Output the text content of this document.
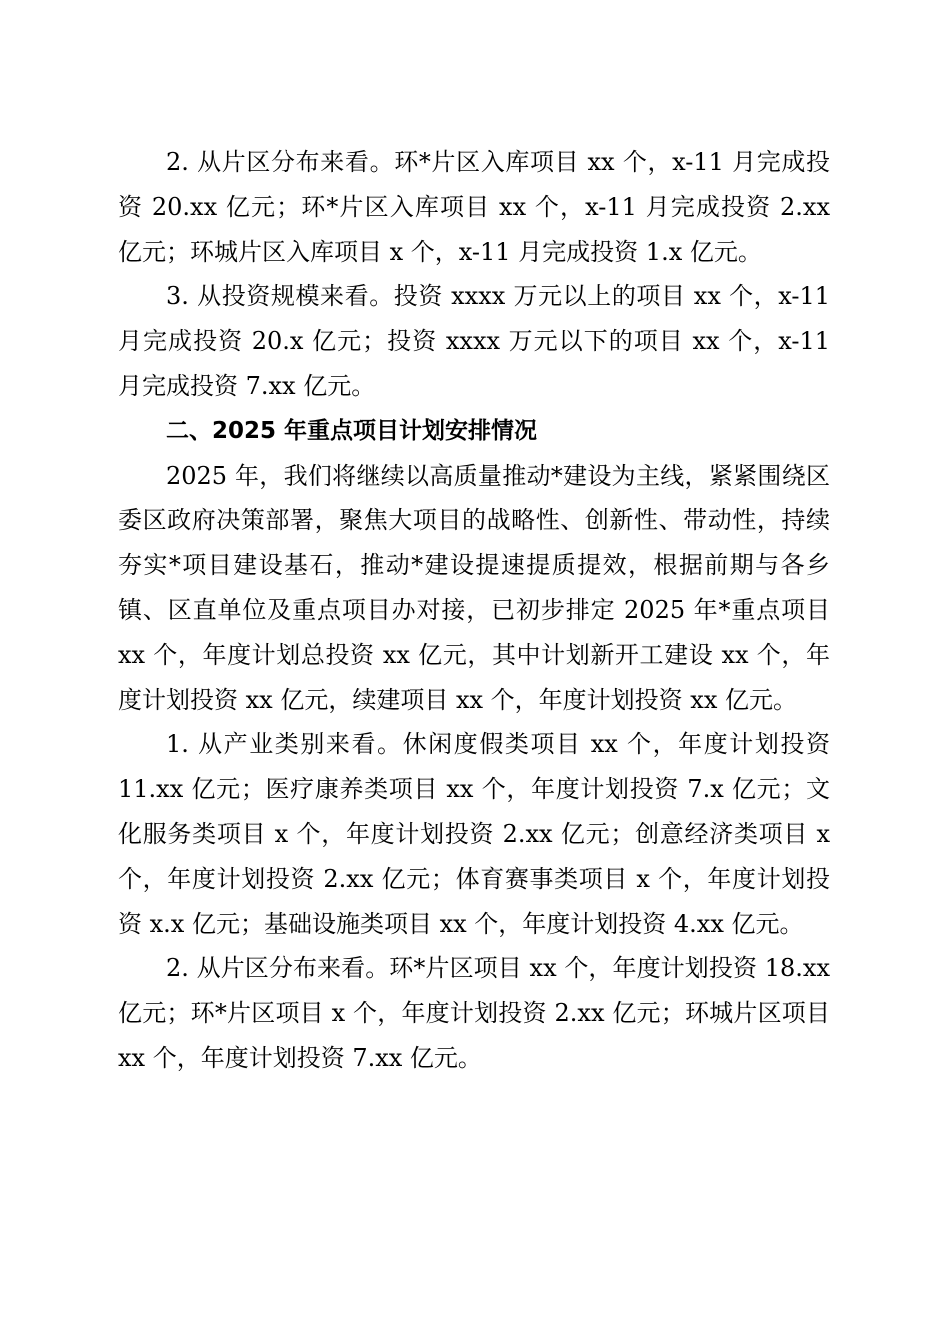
2. 从片区分布来看。环*片区入库项目 xx 个，x-11 月完成投资 20.xx 亿元；环*片区入库项目 xx 个，x-11 月完成投资 2.xx 亿元；环城片区入库项目 x 个，x-11 月完成投资 1.x 亿元。

3. 从投资规模来看。投资 xxxx 万元以上的项目 xx 个，x-11 月完成投资 20.x 亿元；投资 xxxx 万元以下的项目 xx 个，x-11 月完成投资 7.xx 亿元。

二、2025 年重点项目计划安排情况

2025 年，我们将继续以高质量推动*建设为主线，紧紧围绕区委区政府决策部署，聚焦大项目的战略性、创新性、带动性，持续夯实*项目建设基石，推动*建设提速提质提效，根据前期与各乡镇、区直单位及重点项目办对接，已初步排定 2025 年*重点项目 xx 个，年度计划总投资 xx 亿元，其中计划新开工建设 xx 个，年度计划投资 xx 亿元，续建项目 xx 个，年度计划投资 xx 亿元。

1. 从产业类别来看。休闲度假类项目 xx 个，年度计划投资 11.xx 亿元；医疗康养类项目 xx 个，年度计划投资 7.x 亿元；文化服务类项目 x 个，年度计划投资 2.xx 亿元；创意经济类项目 x 个，年度计划投资 2.xx 亿元；体育赛事类项目 x 个，年度计划投资 x.x 亿元；基础设施类项目 xx 个，年度计划投资 4.xx 亿元。

2. 从片区分布来看。环*片区项目 xx 个，年度计划投资 18.xx 亿元；环*片区项目 x 个，年度计划投资 2.xx 亿元；环城片区项目 xx 个，年度计划投资 7.xx 亿元。
